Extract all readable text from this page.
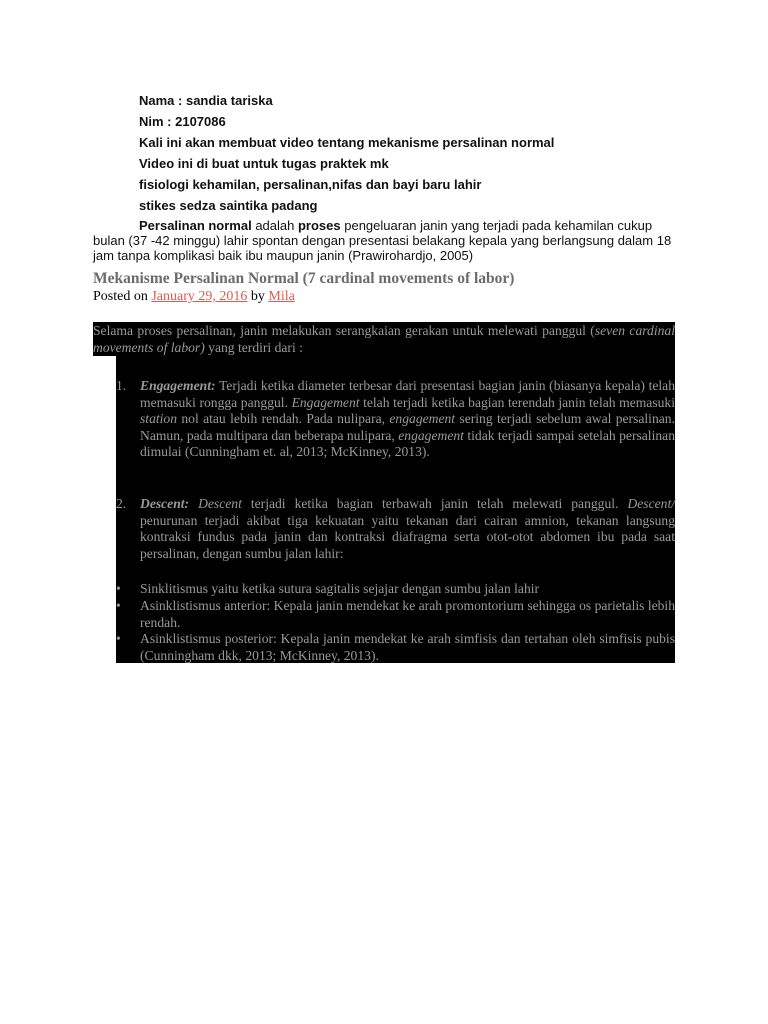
Nama : sandia tariska
Nim : 2107086
Kali ini akan membuat video tentang mekanisme persalinan normal
Video ini di buat untuk tugas praktek mk
fisiologi kehamilan, persalinan,nifas dan bayi baru lahir
stikes sedza saintika padang
Persalinan normal adalah proses pengeluaran janin yang terjadi pada kehamilan cukup bulan (37 -42 minggu) lahir spontan dengan presentasi belakang kepala yang berlangsung dalam 18 jam tanpa komplikasi baik ibu maupun janin (Prawirohardjo, 2005)
Mekanisme Persalinan Normal (7 cardinal movements of labor)
Posted on January 29, 2016 by Mila
Selama proses persalinan, janin melakukan serangkaian gerakan untuk melewati panggul (seven cardinal movements of labor) yang terdiri dari :
1. Engagement: Terjadi ketika diameter terbesar dari presentasi bagian janin (biasanya kepala) telah memasuki rongga panggul. Engagement telah terjadi ketika bagian terendah janin telah memasuki station nol atau lebih rendah. Pada nulipara, engagement sering terjadi sebelum awal persalinan. Namun, pada multipara dan beberapa nulipara, engagement tidak terjadi sampai setelah persalinan dimulai (Cunningham et. al, 2013; McKinney, 2013).
2. Descent: Descent terjadi ketika bagian terbawah janin telah melewati panggul. Descent/ penurunan terjadi akibat tiga kekuatan yaitu tekanan dari cairan amnion, tekanan langsung kontraksi fundus pada janin dan kontraksi diafragma serta otot-otot abdomen ibu pada saat persalinan, dengan sumbu jalan lahir:
• Sinklitismus yaitu ketika sutura sagitalis sejajar dengan sumbu jalan lahir
• Asinklistismus anterior: Kepala janin mendekat ke arah promontorium sehingga os parietalis lebih rendah.
• Asinklistismus posterior: Kepala janin mendekat ke arah simfisis dan tertahan oleh simfisis pubis (Cunningham dkk, 2013; McKinney, 2013).
